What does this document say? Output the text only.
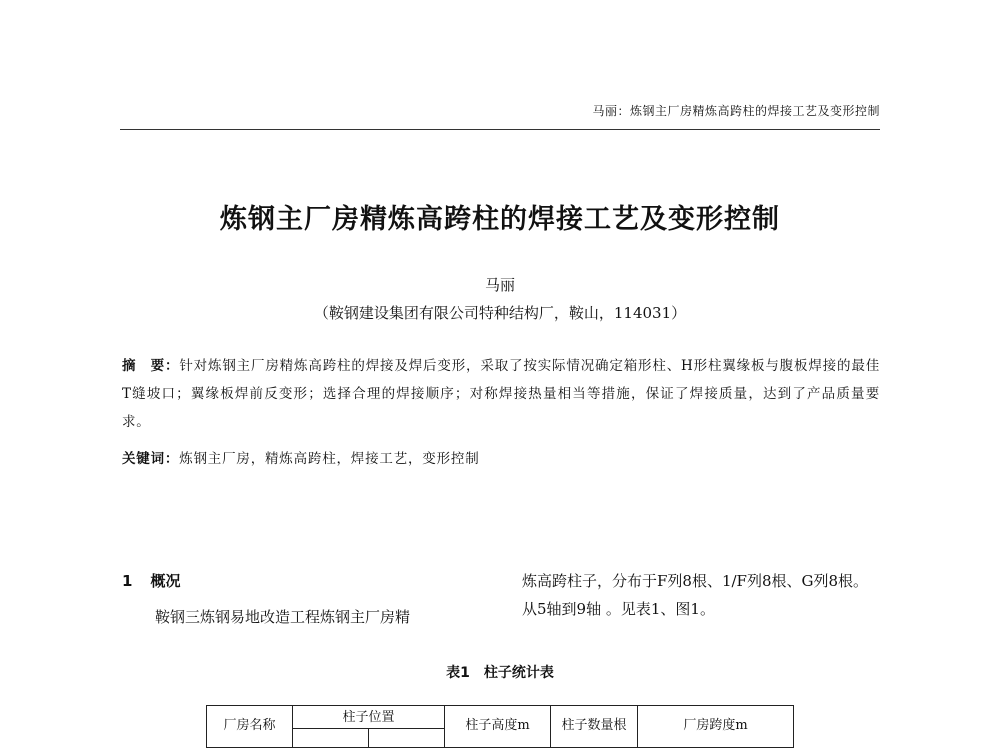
马丽：炼钢主厂房精炼高跨柱的焊接工艺及变形控制
炼钢主厂房精炼高跨柱的焊接工艺及变形控制
马丽
（鞍钢建设集团有限公司特种结构厂，鞍山，114031）
摘　要：针对炼钢主厂房精炼高跨柱的焊接及焊后变形，采取了按实际情况确定箱形柱、H形柱翼缘板与腹板焊接的最佳T缝坡口；翼缘板焊前反变形；选择合理的焊接顺序；对称焊接热量相当等措施，保证了焊接质量，达到了产品质量要求。
关键词：炼钢主厂房，精炼高跨柱，焊接工艺，变形控制
1 概况
鞍钢三炼钢易地改造工程炼钢主厂房精
炼高跨柱子，分布于F列8根、1/F列8根、G列8根。从5轴到9轴 。见表1、图1。
表1 柱子统计表
厂房名称	柱子位置		柱子高度m	柱子数量根	厂房跨度m
